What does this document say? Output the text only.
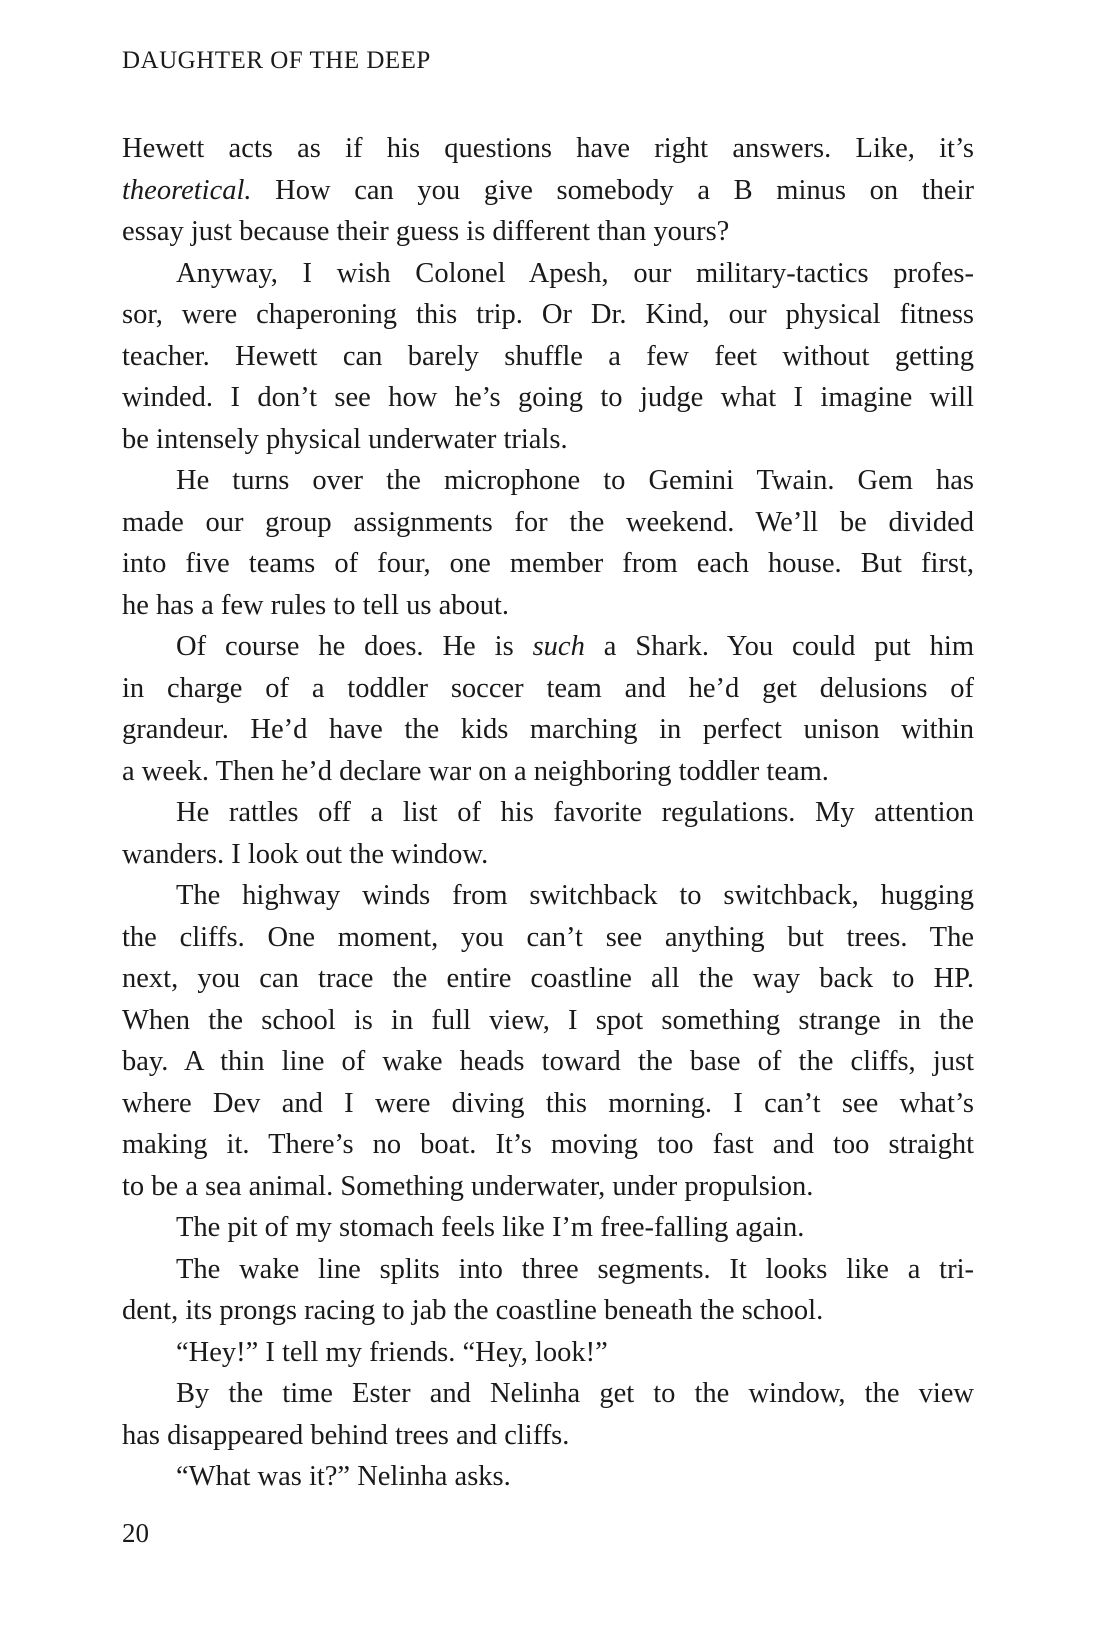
DAUGHTER OF THE DEEP
Hewett acts as if his questions have right answers. Like, it’s
theoretical. How can you give somebody a B minus on their
essay just because their guess is different than yours?
Anyway, I wish Colonel Apesh, our military-tactics profes-
sor, were chaperoning this trip. Or Dr. Kind, our physical fitness
teacher. Hewett can barely shuffle a few feet without getting
winded. I don’t see how he’s going to judge what I imagine will
be intensely physical underwater trials.
He turns over the microphone to Gemini Twain. Gem has
made our group assignments for the weekend. We’ll be divided
into five teams of four, one member from each house. But first,
he has a few rules to tell us about.
Of course he does. He is such a Shark. You could put him
in charge of a toddler soccer team and he’d get delusions of
grandeur. He’d have the kids marching in perfect unison within
a week. Then he’d declare war on a neighboring toddler team.
He rattles off a list of his favorite regulations. My attention
wanders. I look out the window.
The highway winds from switchback to switchback, hugging
the cliffs. One moment, you can’t see anything but trees. The
next, you can trace the entire coastline all the way back to HP.
When the school is in full view, I spot something strange in the
bay. A thin line of wake heads toward the base of the cliffs, just
where Dev and I were diving this morning. I can’t see what’s
making it. There’s no boat. It’s moving too fast and too straight
to be a sea animal. Something underwater, under propulsion.
The pit of my stomach feels like I’m free-falling again.
The wake line splits into three segments. It looks like a tri-
dent, its prongs racing to jab the coastline beneath the school.
“Hey!” I tell my friends. “Hey, look!”
By the time Ester and Nelinha get to the window, the view
has disappeared behind trees and cliffs.
“What was it?” Nelinha asks.
20
